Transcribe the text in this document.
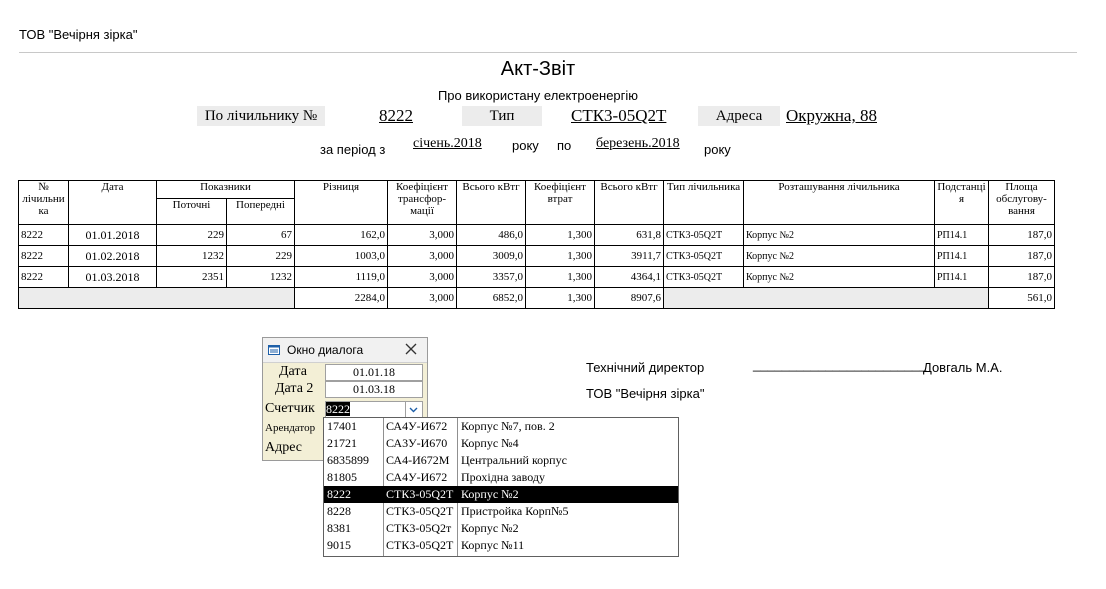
ТОВ "Вечірня зірка"
Акт-Звіт
Про використану електроенергію
По лічильнику №	8222	Тип	СТК3-05Q2T	Адреса	Окружна, 88
за період з січень.2018 року по березень.2018 року
№ лічильни ка	Дата	Показники		Різниця	Коефіцієнт трансфор-мації	Всього кВтг	Коефіцієнт втрат	Всього кВтг	Тип лічильника	Розташування лічильника	Подстанці я	Площа обслугову-вання
		Поточні	Попередні									
8222	01.01.2018	229	67	162,0	3,000	486,0	1,300	631,8	СТК3-05Q2T	Корпус №2	РП14.1	187,0
8222	01.02.2018	1232	229	1003,0	3,000	3009,0	1,300	3911,7	СТК3-05Q2T	Корпус №2	РП14.1	187,0
8222	01.03.2018	2351	1232	1119,0	3,000	3357,0	1,300	4364,1	СТК3-05Q2T	Корпус №2	РП14.1	187,0
				2284,0	3,000	6852,0	1,300	8907,6				561,0
Технічний директор	________________________
Довгаль М.А.
ТОВ "Вечірня зірка"
Окно диалога
Дата	01.01.18
Дата 2	01.03.18
Счетчик 8222
Арендатор
Адрес
17401 СА4У-И672 Корпус №7, пов. 2
21721 СА3У-И670 Корпус №4
6835899 СА4-И672М Центральний корпус
81805 СА4У-И672 Прохідна заводу
8222	СТК3-05Q2T Корпус №2
8228	СТК3-05Q2T Пристройка Корп№5
8381	СТК3-05Q2т Корпус №2
9015	СТК3-05Q2T Корпус №11
